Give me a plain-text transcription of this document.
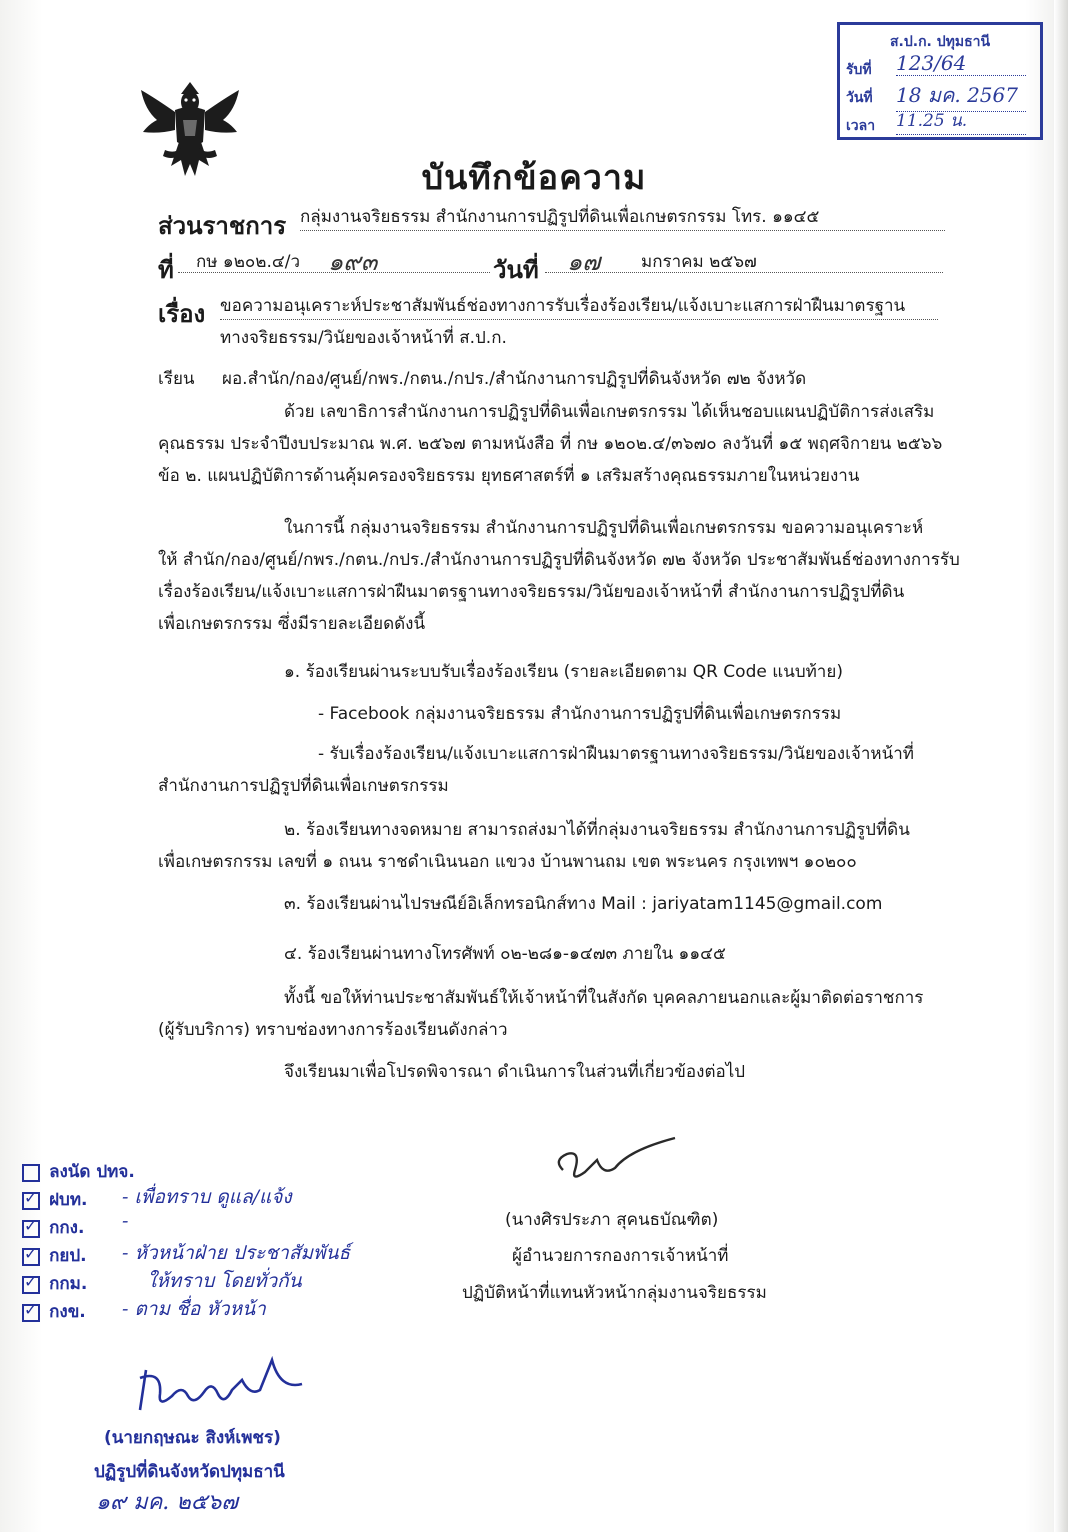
ส.ป.ก. ปทุมธานี
รับที่ 123/64
วันที่ 18 มค. 2567
เวลา 11.25 น.
บันทึกข้อความ
ส่วนราชการ กลุ่มงานจริยธรรม สำนักงานการปฏิรูปที่ดินเพื่อเกษตรกรรม โทร. ๑๑๔๕
ที่ กษ ๑๒๐๒.๔/ว ๑๙๓	วันที่ ๑๗ มกราคม ๒๕๖๗
เรื่อง ขอความอนุเคราะห์ประชาสัมพันธ์ช่องทางการรับเรื่องร้องเรียน/แจ้งเบาะแสการฝ่าฝืนมาตรฐาน
ทางจริยธรรม/วินัยของเจ้าหน้าที่ ส.ป.ก.
เรียน ผอ.สำนัก/กอง/ศูนย์/กพร./กตน./กปร./สำนักงานการปฏิรูปที่ดินจังหวัด ๗๒ จังหวัด
ด้วย เลขาธิการสำนักงานการปฏิรูปที่ดินเพื่อเกษตรกรรม ได้เห็นชอบแผนปฏิบัติการส่งเสริม
คุณธรรม ประจำปีงบประมาณ พ.ศ. ๒๕๖๗ ตามหนังสือ ที่ กษ ๑๒๐๒.๔/๓๖๗๐ ลงวันที่ ๑๕ พฤศจิกายน ๒๕๖๖
ข้อ ๒. แผนปฏิบัติการด้านคุ้มครองจริยธรรม ยุทธศาสตร์ที่ ๑ เสริมสร้างคุณธรรมภายในหน่วยงาน
ในการนี้ กลุ่มงานจริยธรรม สำนักงานการปฏิรูปที่ดินเพื่อเกษตรกรรม ขอความอนุเคราะห์
ให้ สำนัก/กอง/ศูนย์/กพร./กตน./กปร./สำนักงานการปฏิรูปที่ดินจังหวัด ๗๒ จังหวัด ประชาสัมพันธ์ช่องทางการรับ
เรื่องร้องเรียน/แจ้งเบาะแสการฝ่าฝืนมาตรฐานทางจริยธรรม/วินัยของเจ้าหน้าที่ สำนักงานการปฏิรูปที่ดิน
เพื่อเกษตรกรรม ซึ่งมีรายละเอียดดังนี้
๑. ร้องเรียนผ่านระบบรับเรื่องร้องเรียน (รายละเอียดตาม QR Code แนบท้าย)
- Facebook กลุ่มงานจริยธรรม สำนักงานการปฏิรูปที่ดินเพื่อเกษตรกรรม
- รับเรื่องร้องเรียน/แจ้งเบาะแสการฝ่าฝืนมาตรฐานทางจริยธรรม/วินัยของเจ้าหน้าที่
สำนักงานการปฏิรูปที่ดินเพื่อเกษตรกรรม
๒. ร้องเรียนทางจดหมาย สามารถส่งมาได้ที่กลุ่มงานจริยธรรม สำนักงานการปฏิรูปที่ดิน
เพื่อเกษตรกรรม เลขที่ ๑ ถนน ราชดำเนินนอก แขวง บ้านพานถม เขต พระนคร กรุงเทพฯ ๑๐๒๐๐
๓. ร้องเรียนผ่านไปรษณีย์อิเล็กทรอนิกส์ทาง Mail : jariyatam1145@gmail.com
๔. ร้องเรียนผ่านทางโทรศัพท์ ๐๒-๒๘๑-๑๔๗๓ ภายใน ๑๑๔๕
ทั้งนี้ ขอให้ท่านประชาสัมพันธ์ให้เจ้าหน้าที่ในสังกัด บุคคลภายนอกและผู้มาติดต่อราชการ
(ผู้รับบริการ) ทราบช่องทางการร้องเรียนดังกล่าว
จึงเรียนมาเพื่อโปรดพิจารณา ดำเนินการในส่วนที่เกี่ยวข้องต่อไป
(นางศิรประภา สุคนธบัณฑิต)
ผู้อำนวยการกองการเจ้าหน้าที่
ปฏิบัติหน้าที่แทนหัวหน้ากลุ่มงานจริยธรรม
ลงนัด ปทจ.
✓ ฝบท. - เพื่อทราบ ดูแล/แจ้ง
✓ กกง. -
✓ กยป. - หัวหน้าฝ่าย ประชาสัมพันธ์
✓ กกม.	ให้ทราบ โดยทั่วกัน
✓ กงข. - ตาม ชื่อ หัวหน้า
(นายกฤษณะ สิงห์เพชร)
ปฏิรูปที่ดินจังหวัดปทุมธานี
๑๙ มค. ๒๕๖๗
